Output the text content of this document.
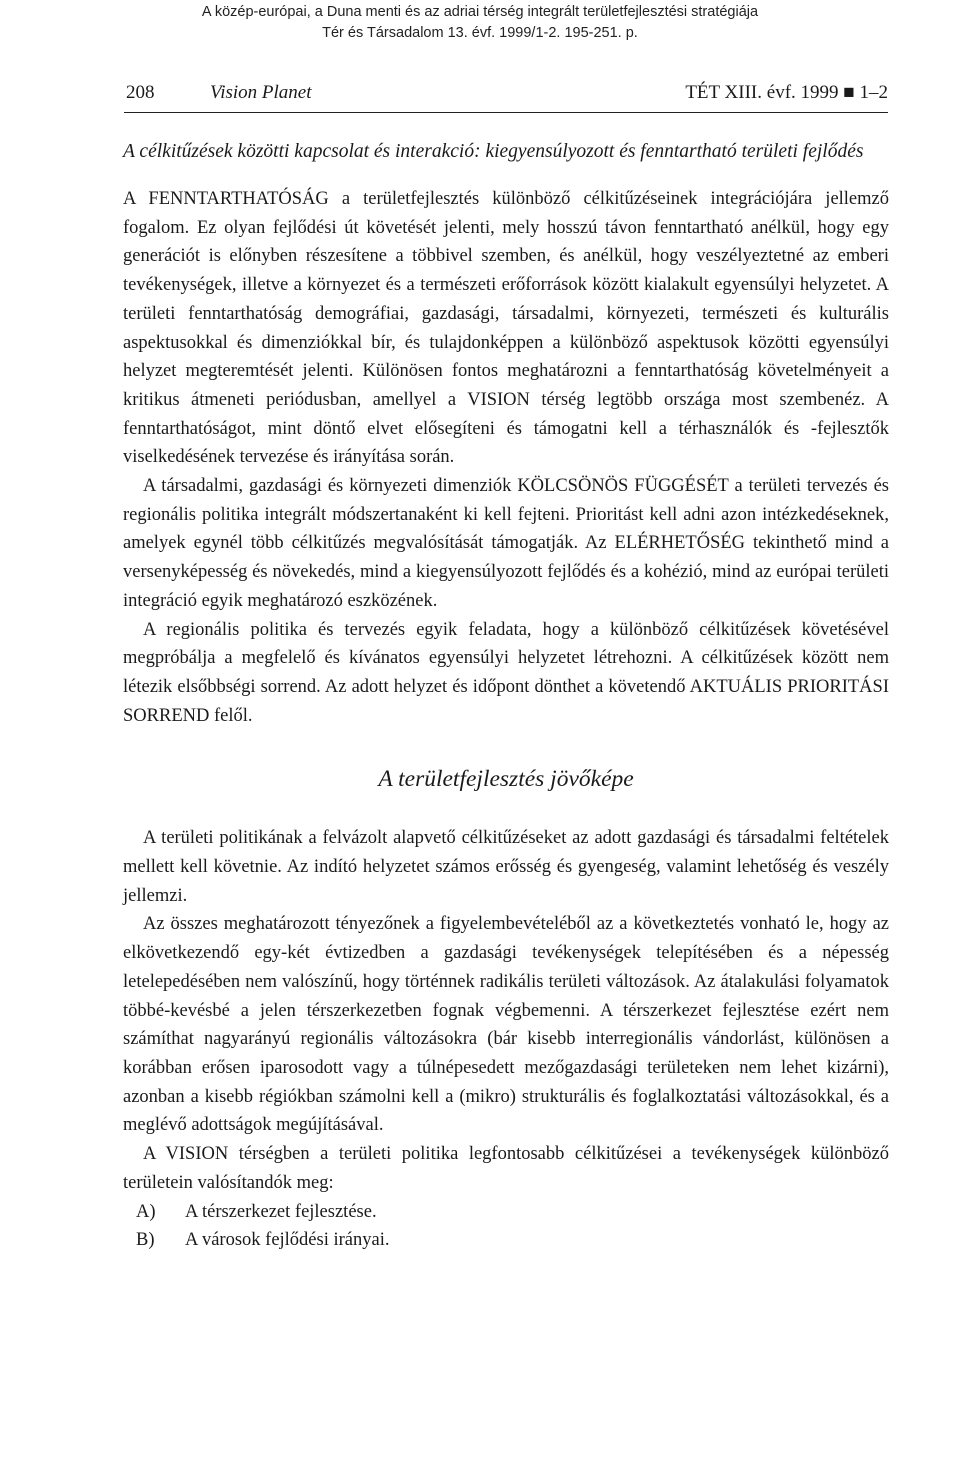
A közép-európai, a Duna menti és az adriai térség integrált területfejlesztési stratégiája
Tér és Társadalom 13. évf. 1999/1-2. 195-251. p.
208	Vision Planet	TÉT XIII. évf. 1999 ■ 1–2
A célkitűzések közötti kapcsolat és interakció: kiegyensúlyozott és fenntartható területi fejlődés

A FENNTARTHATÓSÁG a területfejlesztés különböző célkitűzéseinek integrációjára jellemző fogalom. Ez olyan fejlődési út követését jelenti, mely hosszú távon fenntartható anélkül, hogy egy generációt is előnyben részesítene a többivel szemben, és anélkül, hogy veszélyeztetné az emberi tevékenységek, illetve a környezet és a természeti erőforrások között kialakult egyensúlyi helyzetet. A területi fenntarthatóság demográfiai, gazdasági, társadalmi, környezeti, természeti és kulturális aspektusokkal és dimenziókkal bír, és tulajdonképpen a különböző aspektusok közötti egyensúlyi helyzet megteremtését jelenti. Különösen fontos meghatározni a fenntarthatóság követelményeit a kritikus átmeneti periódusban, amellyel a VISION térség legtöbb országa most szembenéz. A fenntarthatóságot, mint döntő elvet elősegíteni és támogatni kell a térhasználók és -fejlesztők viselkedésének tervezése és irányítása során.

A társadalmi, gazdasági és környezeti dimenziók KÖLCSÖNÖS FÜGGÉSÉT a területi tervezés és regionális politika integrált módszertanaként ki kell fejteni. Prioritást kell adni azon intézkedéseknek, amelyek egynél több célkitűzés megvalósítását támogatják. Az ELÉRHETŐSÉG tekinthető mind a versenyképesség és növekedés, mind a kiegyensúlyozott fejlődés és a kohézió, mind az európai területi integráció egyik meghatározó eszközének.

A regionális politika és tervezés egyik feladata, hogy a különböző célkitűzések követésével megpróbálja a megfelelő és kívánatos egyensúlyi helyzetet létrehozni. A célkitűzések között nem létezik elsőbbségi sorrend. Az adott helyzet és időpont dönthet a követendő AKTUÁLIS PRIORITÁSI SORREND felől.

A területfejlesztés jövőképe

A területi politikának a felvázolt alapvető célkitűzéseket az adott gazdasági és társadalmi feltételek mellett kell követnie. Az indító helyzetet számos erősség és gyengeség, valamint lehetőség és veszély jellemzi.

Az összes meghatározott tényezőnek a figyelembevételéből az a következtetés vonható le, hogy az elkövetkezendő egy-két évtizedben a gazdasági tevékenységek telepítésében és a népesség letelepedésében nem valószínű, hogy történnek radikális területi változások. Az átalakulási folyamatok többé-kevésbé a jelen térszerkezetben fognak végbemenni. A térszerkezet fejlesztése ezért nem számíthat nagyarányú regionális változásokra (bár kisebb interregionális vándorlást, különösen a korábban erősen iparosodott vagy a túlnépesedett mezőgazdasági területeken nem lehet kizárni), azonban a kisebb régiókban számolni kell a (mikro) strukturális és foglalkoztatási változásokkal, és a meglévő adottságok megújításával.

A VISION térségben a területi politika legfontosabb célkitűzései a tevékenységek különböző területein valósítandók meg:

A)	A térszerkezet fejlesztése.
B)	A városok fejlődési irányai.
